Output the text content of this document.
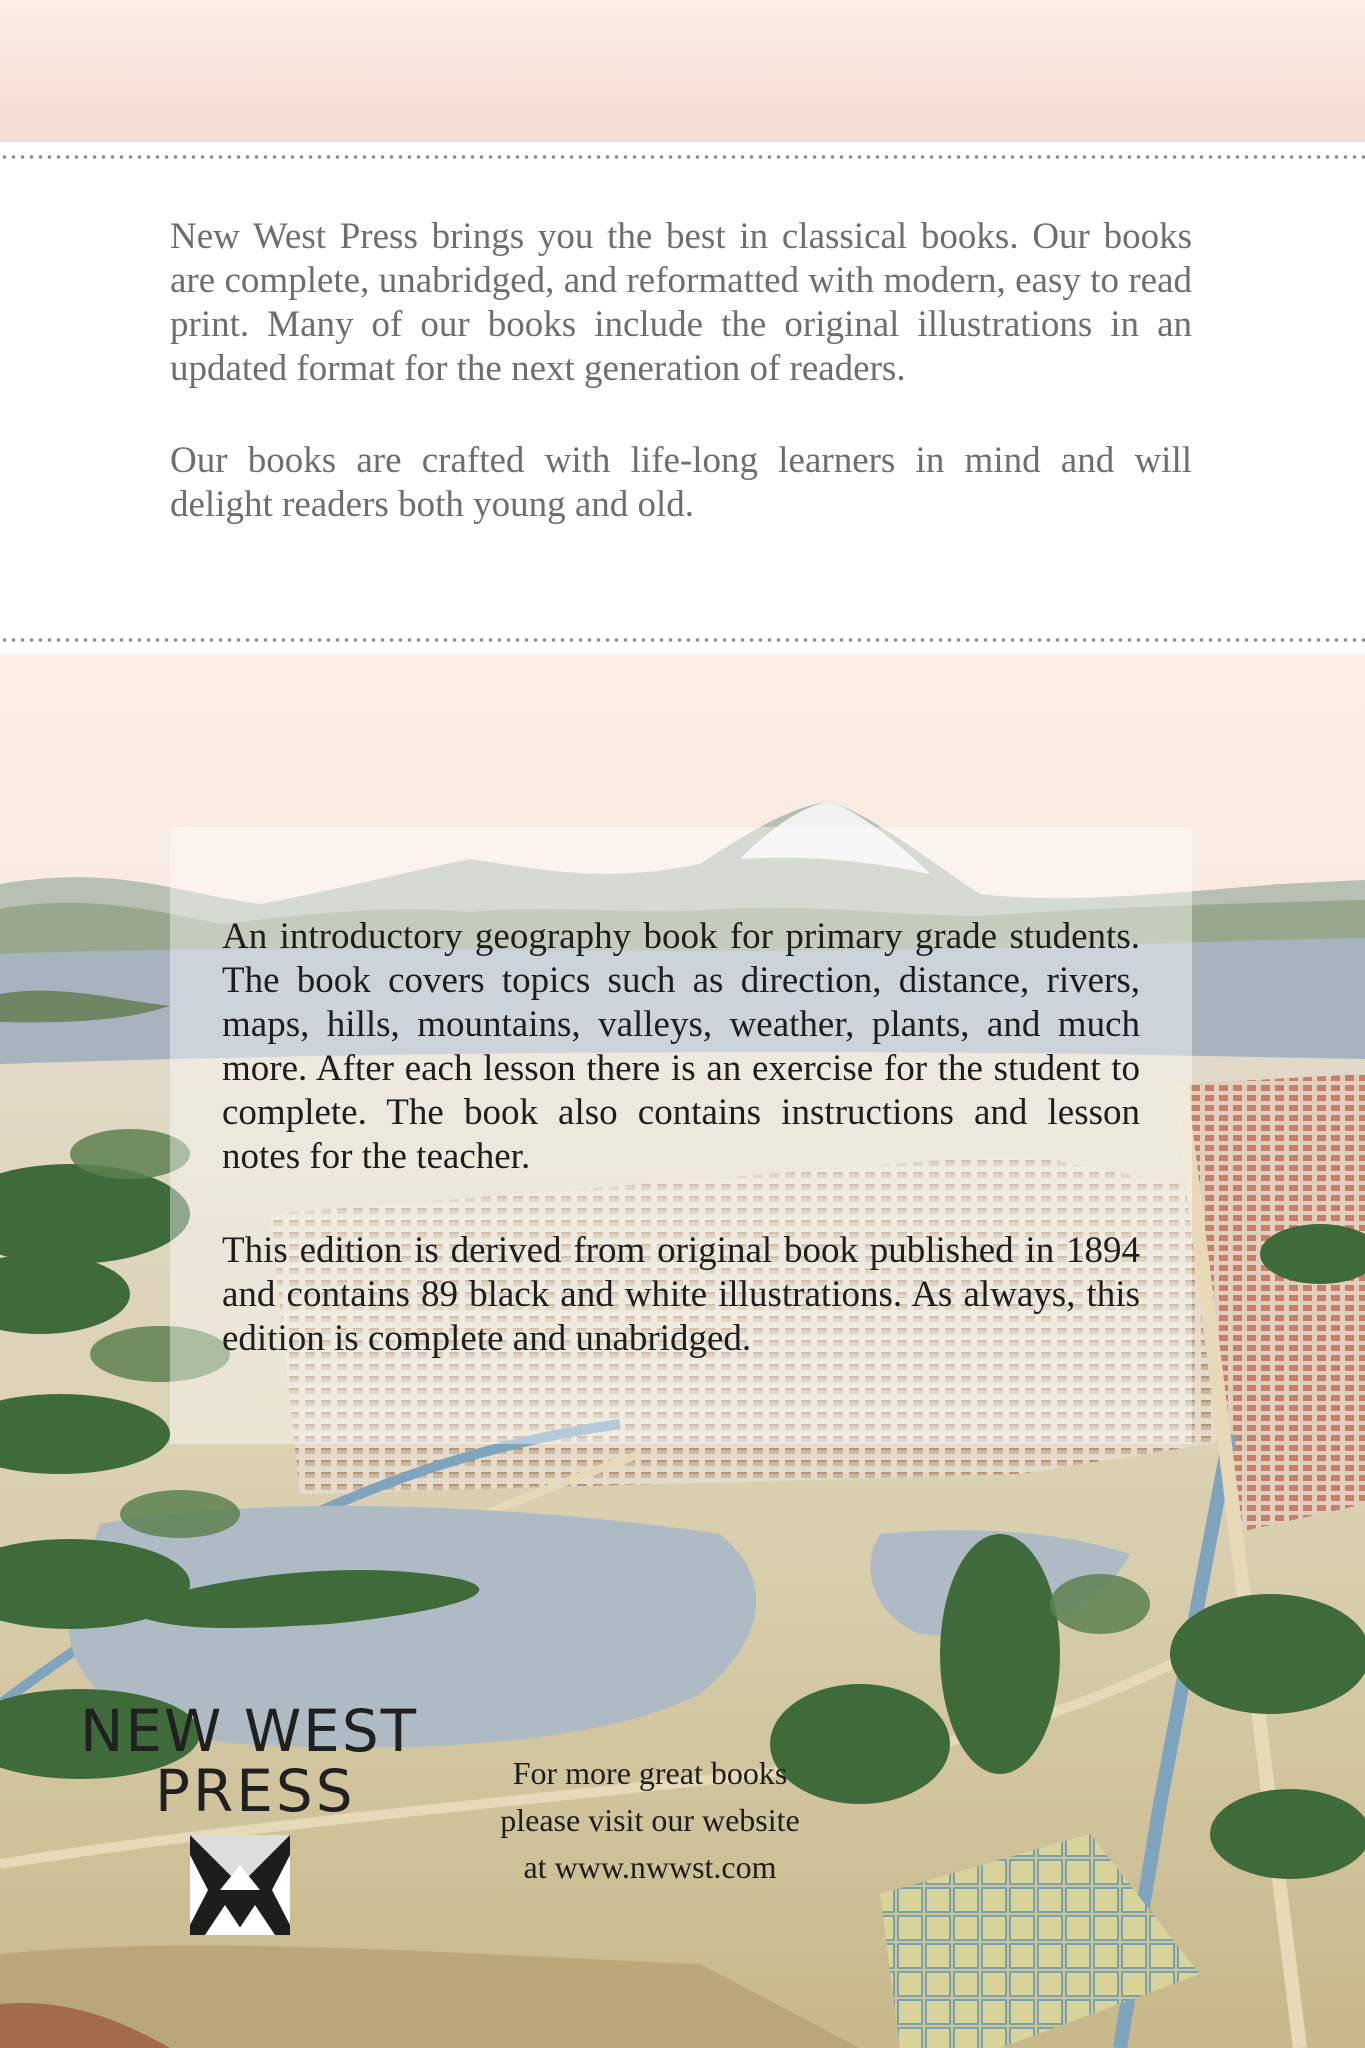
New West Press brings you the best in classical books. Our books are complete, unabridged, and reformatted with modern, easy to read print. Many of our books include the original illustrations in an updated format for the next generation of readers.

Our books are crafted with life-long learners in mind and will delight readers both young and old.

An introductory geography book for primary grade students. The book covers topics such as direction, distance, rivers, maps, hills, mountains, valleys, weather, plants, and much more. After each lesson there is an exercise for the student to complete. The book also contains instructions and lesson notes for the teacher.

This edition is derived from original book published in 1894 and contains 89 black and white illustrations. As always, this edition is complete and unabridged.

NEW WEST
PRESS	For more great books
please visit our website
at www.nwwst.com
